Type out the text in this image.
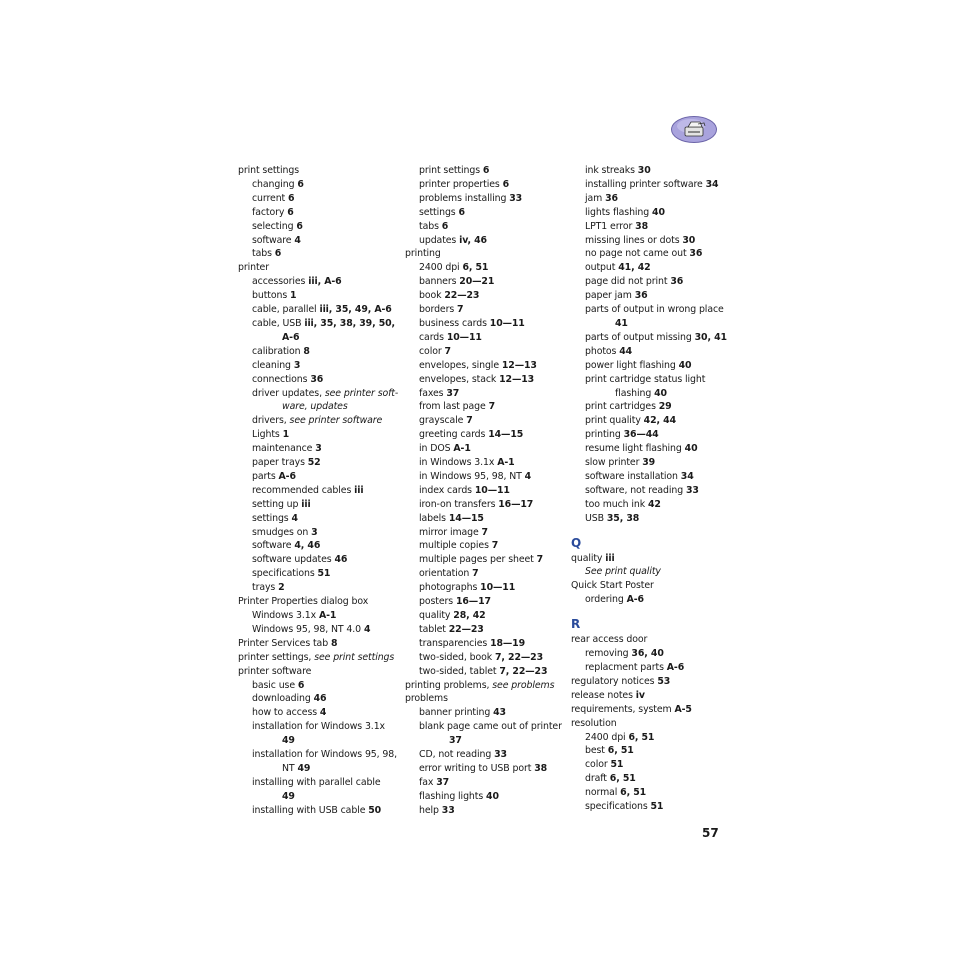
print settings
changing 6
current 6
factory 6
selecting 6
software 4
tabs 6
printer
accessories iii, A-6
buttons 1
cable, parallel iii, 35, 49, A-6
cable, USB iii, 35, 38, 39, 50,
A-6
calibration 8
cleaning 3
connections 36
driver updates, see printer soft-
ware, updates
drivers, see printer software
Lights 1
maintenance 3
paper trays 52
parts A-6
recommended cables iii
setting up iii
settings 4
smudges on 3
software 4, 46
software updates 46
specifications 51
trays 2
Printer Properties dialog box
Windows 3.1x A-1
Windows 95, 98, NT 4.0 4
Printer Services tab 8
printer settings, see print settings
printer software
basic use 6
downloading 46
how to access 4
installation for Windows 3.1x
49
installation for Windows 95, 98,
NT 49
installing with parallel cable
49
installing with USB cable 50
print settings 6
printer properties 6
problems installing 33
settings 6
tabs 6
updates iv, 46
printing
2400 dpi 6, 51
banners 20—21
book 22—23
borders 7
business cards 10—11
cards 10—11
color 7
envelopes, single 12—13
envelopes, stack 12—13
faxes 37
from last page 7
grayscale 7
greeting cards 14—15
in DOS A-1
in Windows 3.1x A-1
in Windows 95, 98, NT 4
index cards 10—11
iron-on transfers 16—17
labels 14—15
mirror image 7
multiple copies 7
multiple pages per sheet 7
orientation 7
photographs 10—11
posters 16—17
quality 28, 42
tablet 22—23
transparencies 18—19
two-sided, book 7, 22—23
two-sided, tablet 7, 22—23
printing problems, see problems
problems
banner printing 43
blank page came out of printer
37
CD, not reading 33
error writing to USB port 38
fax 37
flashing lights 40
help 33
ink streaks 30
installing printer software 34
jam 36
lights flashing 40
LPT1 error 38
missing lines or dots 30
no page not came out 36
output 41, 42
page did not print 36
paper jam 36
parts of output in wrong place
41
parts of output missing 30, 41
photos 44
power light flashing 40
print cartridge status light
flashing 40
print cartridges 29
print quality 42, 44
printing 36—44
resume light flashing 40
slow printer 39
software installation 34
software, not reading 33
too much ink 42
USB 35, 38
Q
quality iii
See print quality
Quick Start Poster
ordering A-6
R
rear access door
removing 36, 40
replacment parts A-6
regulatory notices 53
release notes iv
requirements, system A-5
resolution
2400 dpi 6, 51
best 6, 51
color 51
draft 6, 51
normal 6, 51
specifications 51
57
